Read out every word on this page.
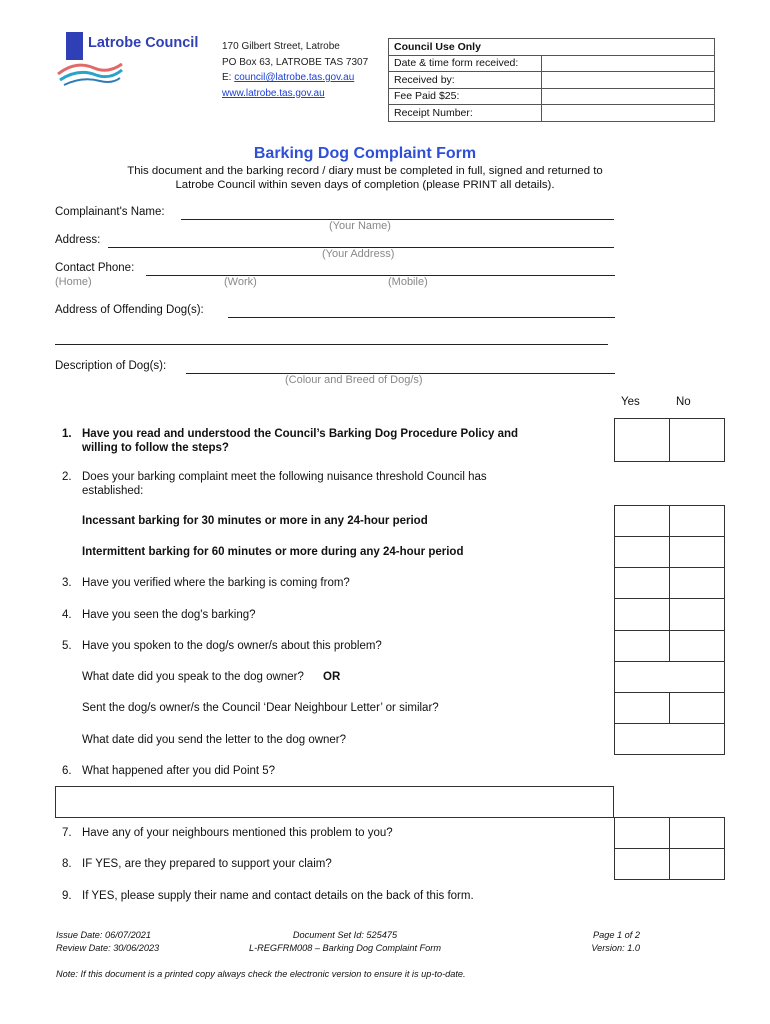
Latrobe Council 170 Gilbert Street, Latrobe
PO Box 63, LATROBE TAS 7307
E: council@latrobe.tas.gov.au
www.latrobe.tas.gov.au
Council Use Only	
Date & time form received:	
Received by:	
Fee Paid $25:	
Receipt Number:	
Barking Dog Complaint Form
This document and the barking record / diary must be completed in full, signed and returned to
Latrobe Council within seven days of completion (please PRINT all details).
Complainant's Name:
(Your Name)
Address:
(Your Address)
Contact Phone:
(Home)	(Work)	(Mobile)
Address of Offending Dog(s):
Description of Dog(s):
(Colour and Breed of Dog/s)
Yes	No
1. Have you read and understood the Council’s Barking Dog Procedure Policy and
willing to follow the steps?
2. Does your barking complaint meet the following nuisance threshold Council has
established:
Incessant barking for 30 minutes or more in any 24-hour period
Intermittent barking for 60 minutes or more during any 24-hour period
3. Have you verified where the barking is coming from?
4. Have you seen the dog's barking?
5. Have you spoken to the dog/s owner/s about this problem?
What date did you speak to the dog owner? OR
Sent the dog/s owner/s the Council ‘Dear Neighbour Letter’ or similar?
What date did you send the letter to the dog owner?
6. What happened after you did Point 5?
7. Have any of your neighbours mentioned this problem to you?
8. IF YES, are they prepared to support your claim?
9. If YES, please supply their name and contact details on the back of this form.
Issue Date: 06/07/2021
Review Date: 30/06/2023
Document Set Id: 525475
L-REGFRM008 – Barking Dog Complaint Form
Page 1 of 2
Version: 1.0
Note: If this document is a printed copy always check the electronic version to ensure it is up-to-date.
